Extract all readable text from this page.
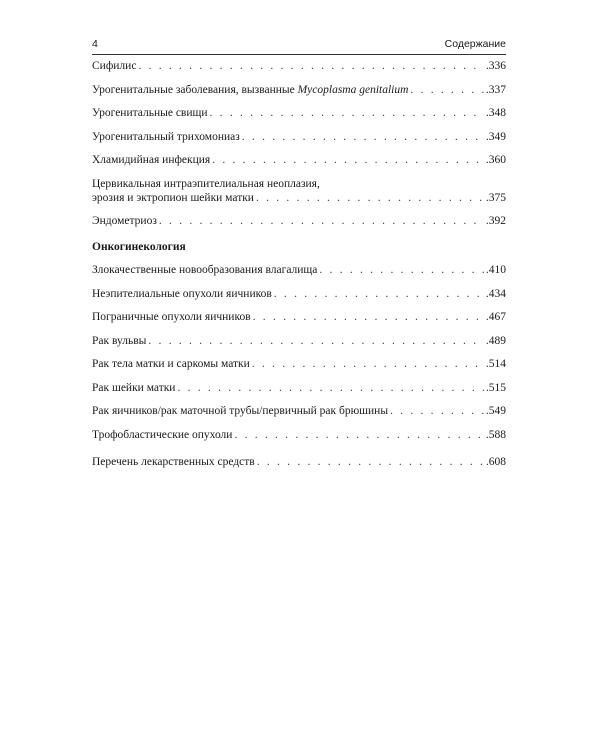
4	Содержание
Сифилис . . .	.336
Урогенитальные заболевания, вызванные Mycoplasma genitalium . . .	.337
Урогенитальные свищи . . .	.348
Урогенитальный трихомониаз . . .	.349
Хламидийная инфекция . . .	.360
Цервикальная интраэпителиальная неоплазия,
эрозия и эктропион шейки матки . . .	.375
Эндометриоз . . .	.392
Онкогинекология
Злокачественные новообразования влагалища . . .	.410
Неэпителиальные опухоли яичников . . .	.434
Пограничные опухоли яичников . . .	.467
Рак вульвы . . .	.489
Рак тела матки и саркомы матки . . .	.514
Рак шейки матки . . .	.515
Рак яичников/рак маточной трубы/первичный рак брюшины . . .	.549
Трофобластические опухоли . . .	.588
Перечень лекарственных средств . . .	.608
